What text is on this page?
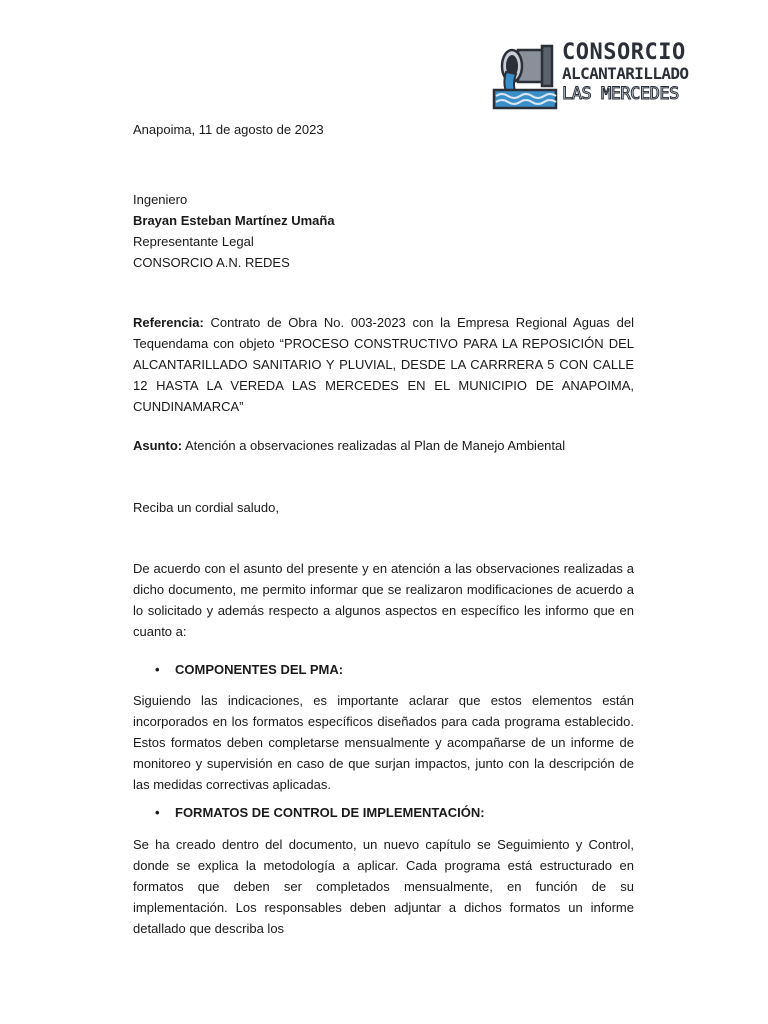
CONSORCIO
ALCANTARILLADO
LAS MERCEDES
Anapoima, 11 de agosto de 2023
Ingeniero
Brayan Esteban Martínez Umaña
Representante Legal
CONSORCIO A.N. REDES
Referencia: Contrato de Obra No. 003-2023 con la Empresa Regional Aguas del Tequendama con objeto “PROCESO CONSTRUCTIVO PARA LA REPOSICIÓN DEL ALCANTARILLADO SANITARIO Y PLUVIAL, DESDE LA CARRRERA 5 CON CALLE 12 HASTA LA VEREDA LAS MERCEDES EN EL MUNICIPIO DE ANAPOIMA, CUNDINAMARCA”
Asunto: Atención a observaciones realizadas al Plan de Manejo Ambiental
Reciba un cordial saludo,
De acuerdo con el asunto del presente y en atención a las observaciones realizadas a dicho documento, me permito informar que se realizaron modificaciones de acuerdo a lo solicitado y además respecto a algunos aspectos en específico les informo que en cuanto a:
• COMPONENTES DEL PMA:
Siguiendo las indicaciones, es importante aclarar que estos elementos están incorporados en los formatos específicos diseñados para cada programa establecido. Estos formatos deben completarse mensualmente y acompañarse de un informe de monitoreo y supervisión en caso de que surjan impactos, junto con la descripción de las medidas correctivas aplicadas.
• FORMATOS DE CONTROL DE IMPLEMENTACIÓN:
Se ha creado dentro del documento, un nuevo capítulo se Seguimiento y Control, donde se explica la metodología a aplicar. Cada programa está estructurado en formatos que deben ser completados mensualmente, en función de su implementación. Los responsables deben adjuntar a dichos formatos un informe detallado que describa los
